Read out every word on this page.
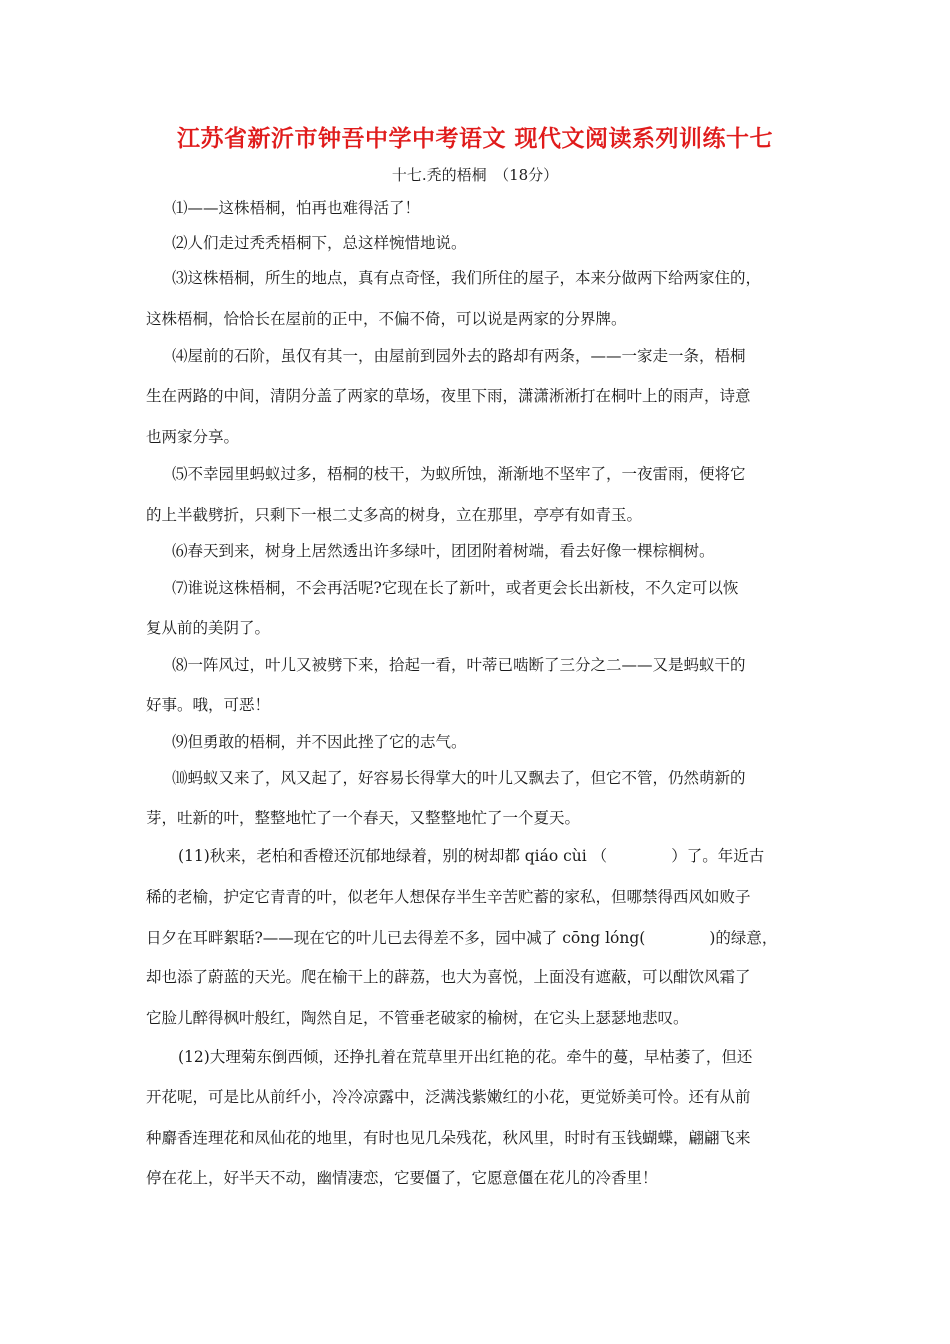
江苏省新沂市钟吾中学中考语文 现代文阅读系列训练十七
十七.秃的梧桐　（18分）
⑴——这株梧桐，怕再也难得活了！
⑵人们走过秃秃梧桐下，总这样惋惜地说。
⑶这株梧桐，所生的地点，真有点奇怪，我们所住的屋子，本来分做两下给两家住的，
这株梧桐，恰恰长在屋前的正中，不偏不倚，可以说是两家的分界牌。
⑷屋前的石阶，虽仅有其一，由屋前到园外去的路却有两条，——一家走一条，梧桐
生在两路的中间，清阴分盖了两家的草场，夜里下雨，潇潇淅淅打在桐叶上的雨声，诗意
也两家分享。
⑸不幸园里蚂蚁过多，梧桐的枝干，为蚁所蚀，渐渐地不坚牢了，一夜雷雨，便将它
的上半截劈折，只剩下一根二丈多高的树身，立在那里，亭亭有如青玉。
⑹春天到来，树身上居然透出许多绿叶，团团附着树端，看去好像一棵棕榈树。
⑺谁说这株梧桐，不会再活呢?它现在长了新叶，或者更会长出新枝，不久定可以恢
复从前的美阴了。
⑻一阵风过，叶儿又被劈下来，拾起一看，叶蒂已啮断了三分之二——又是蚂蚁干的
好事。哦，可恶！
⑼但勇敢的梧桐，并不因此挫了它的志气。
⑽蚂蚁又来了，风又起了，好容易长得掌大的叶儿又飘去了，但它不管，仍然萌新的
芽，吐新的叶，整整地忙了一个春天，又整整地忙了一个夏天。
(11)秋来，老柏和香橙还沉郁地绿着，别的树却都 qiáo cùi （	）了。年近古
稀的老榆，护定它青青的叶，似老年人想保存半生辛苦贮蓄的家私，但哪禁得西风如败子
日夕在耳畔絮聒?——现在它的叶儿已去得差不多，园中减了 cōng lóng(	)的绿意，
却也添了蔚蓝的天光。爬在榆干上的薜荔，也大为喜悦，上面没有遮蔽，可以酣饮风霜了
它脸儿醉得枫叶般红，陶然自足，不管垂老破家的榆树，在它头上瑟瑟地悲叹。
(12)大理菊东倒西倾，还挣扎着在荒草里开出红艳的花。牵牛的蔓，早枯萎了，但还
开花呢，可是比从前纤小，冷冷凉露中，泛满浅紫嫩红的小花，更觉娇美可怜。还有从前
种麝香连理花和凤仙花的地里，有时也见几朵残花，秋风里，时时有玉钱蝴蝶，翩翩飞来
停在花上，好半天不动，幽情凄恋，它要僵了，它愿意僵在花儿的冷香里！
